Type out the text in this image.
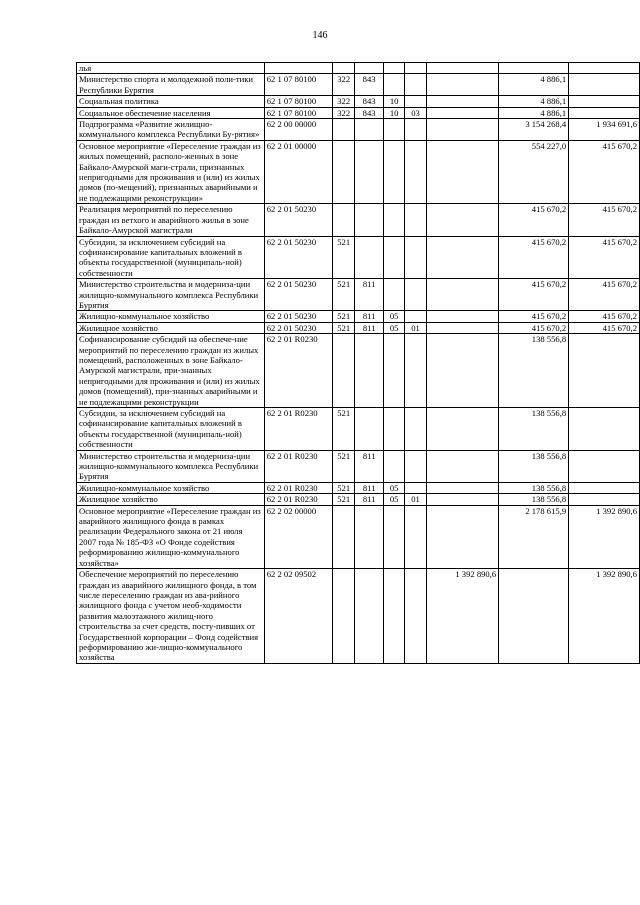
146
лья								
Министерство спорта и молодежной поли-тики Республики Бурятия	62 1 07 80100	322	843				4 886,1	
Социальная политика	62 1 07 80100	322	843	10			4 886,1	
Социальное обеспечение населения	62 1 07 80100	322	843	10	03		4 886,1	
Подпрограмма «Развитие жилищно-коммунального комплекса Республики Бу-рятия»	62 2 00 00000						3 154 268,4	1 934 691,6
Основное мероприятие «Переселение граждан из жилых помещений, располо-женных в зоне Байкало-Амурской маги-страли, признанных непригодными для проживания и (или) из жилых домов (по-мещений), признанных аварийными и не подлежащими реконструкции»	62 2 01 00000						554 227,0	415 670,2
Реализация мероприятий по переселению граждан из ветхого и аварийного жилья в зоне Байкало-Амурской магистрали	62 2 01 50230						415 670,2	415 670,2
Субсидии, за исключением субсидий на софинансирование капитальных вложений в объекты государственной (муниципаль-ной) собственности	62 2 01 50230	521					415 670,2	415 670,2
Министерство строительства и модерниза-ции жилищно-коммунального комплекса Республики Бурятия	62 2 01 50230	521	811				415 670,2	415 670,2
Жилищно-коммунальное хозяйство	62 2 01 50230	521	811	05			415 670,2	415 670,2
Жилищное хозяйство	62 2 01 50230	521	811	05	01		415 670,2	415 670,2
Софинансирование субсидий на обеспече-ние мероприятий по переселению граждан из жилых помещений, расположенных в зоне Байкало-Амурской магистрали, при-знанных непригодными для проживания и (или) из жилых домов (помещений), при-знанных аварийными и не подлежащими реконструкции	62 2 01 R0230						138 556,8	
Субсидии, за исключением субсидий на софинансирование капитальных вложений в объекты государственной (муниципаль-ной) собственности	62 2 01 R0230	521					138 556,8	
Министерство строительства и модерниза-ции жилищно-коммунального комплекса Республики Бурятия	62 2 01 R0230	521	811				138 556,8	
Жилищно-коммунальное хозяйство	62 2 01 R0230	521	811	05			138 556,8	
Жилищное хозяйство	62 2 01 R0230	521	811	05	01		138 556,8	
Основное мероприятие «Переселение граждан из аварийного жилищного фонда в рамках реализации Федерального закона от 21 июля 2007 года № 185-ФЗ «О Фонде содействия реформированию жилищно-коммунального хозяйства»	62 2 02 00000						2 178 615,9	1 392 890,6
Обеспечение мероприятий по переселению граждан из аварийного жилищного фонда, в том числе переселению граждан из ава-рийного жилищного фонда с учетом необ-ходимости развития малоэтажного жилищ-ного строительства за счет средств, посту-пивших от Государственной корпорации – Фонд содействия реформированию жи-лищно-коммунального хозяйства	62 2 02 09502					1 392 890,6		1 392 890,6
